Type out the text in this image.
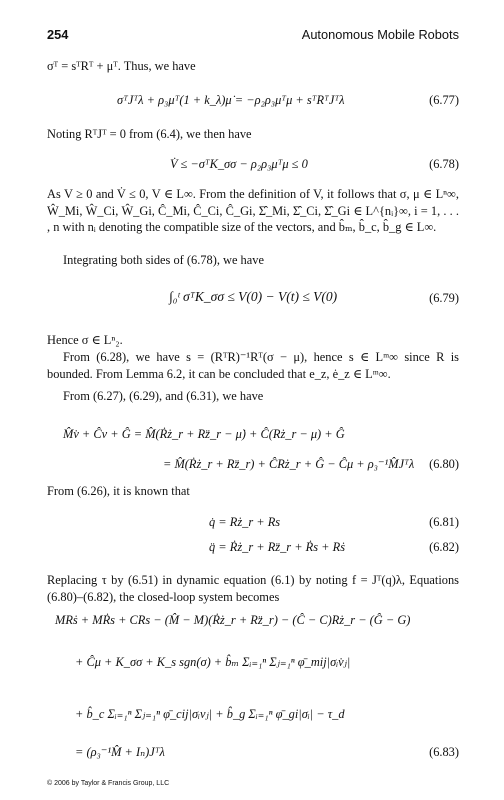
254	Autonomous Mobile Robots

σᵀ = sᵀRᵀ + μᵀ. Thus, we have

σᵀJᵀλ + ρ₃μᵀ(1 + k_λ)μ̇ = −ρ₂ρ₃μᵀμ + sᵀRᵀJᵀλ	(6.77)

Noting RᵀJᵀ = 0 from (6.4), we then have

V̇ ≤ −σᵀK_σσ − ρ₂ρ₃μᵀμ ≤ 0	(6.78)

As V ≥ 0 and V̇ ≤ 0, V ∈ L∞. From the definition of V, it follows that σ, μ ∈ Lⁿ∞, Ŵ_Mi, Ŵ_Ci, Ŵ_Gi, Ĉ_Mi, Ĉ_Ci, Ĉ_Gi, Σ̂_Mi, Σ̂_Ci, Σ̂_Gi ∈ L^{nᵢ}∞, i = 1, . . . , n with nᵢ denoting the compatible size of the vectors, and b̂ₘ, b̂_c, b̂_g ∈ L∞.

Integrating both sides of (6.78), we have

∫₀ᵗ σᵀK_σσ ≤ V(0) − V(t) ≤ V(0)	(6.79)

Hence σ ∈ Lⁿ₂.

From (6.28), we have s = (RᵀR)⁻¹Rᵀ(σ − μ), hence s ∈ Lᵐ∞ since R is bounded. From Lemma 6.2, it can be concluded that e_z, ė_z ∈ Lᵐ∞.

From (6.27), (6.29), and (6.31), we have

M̂v̇ + Ĉv + Ĝ = M̂(Ṙż_r + Rz̈_r − μ̇) + Ĉ(Rż_r − μ) + Ĝ
= M̂(Ṙż_r + Rz̈_r) + ĈRż_r + Ĝ − Ĉμ + ρ₃⁻¹M̂Jᵀλ (6.80)

From (6.26), it is known that

q̇ = Rż_r + Rs	(6.81)
q̈ = Ṙż_r + Rz̈_r + Ṙs + Rṡ	(6.82)

Replacing τ by (6.51) in dynamic equation (6.1) by noting f = Jᵀ(q)λ, Equations (6.80)–(6.82), the closed-loop system becomes

MRṡ + MṘs + CRs − (M̂ − M)(Ṙż_r + Rz̈_r) − (Ĉ − C)Rż_r − (Ĝ − G)
+ Ĉμ + K_σσ + K_s sgn(σ) + b̂ₘ Σᵢ₌₁ⁿ Σⱼ₌₁ⁿ φ̄_mij|σᵢv̇ⱼ|
+ b̂_c Σᵢ₌₁ⁿ Σⱼ₌₁ⁿ φ̄_cij|σᵢvⱼ| + b̂_g Σᵢ₌₁ⁿ φ̄_gi|σᵢ| − τ_d
= (ρ₃⁻¹M̂ + Iₙ)Jᵀλ	(6.83)
© 2006 by Taylor & Francis Group, LLC
